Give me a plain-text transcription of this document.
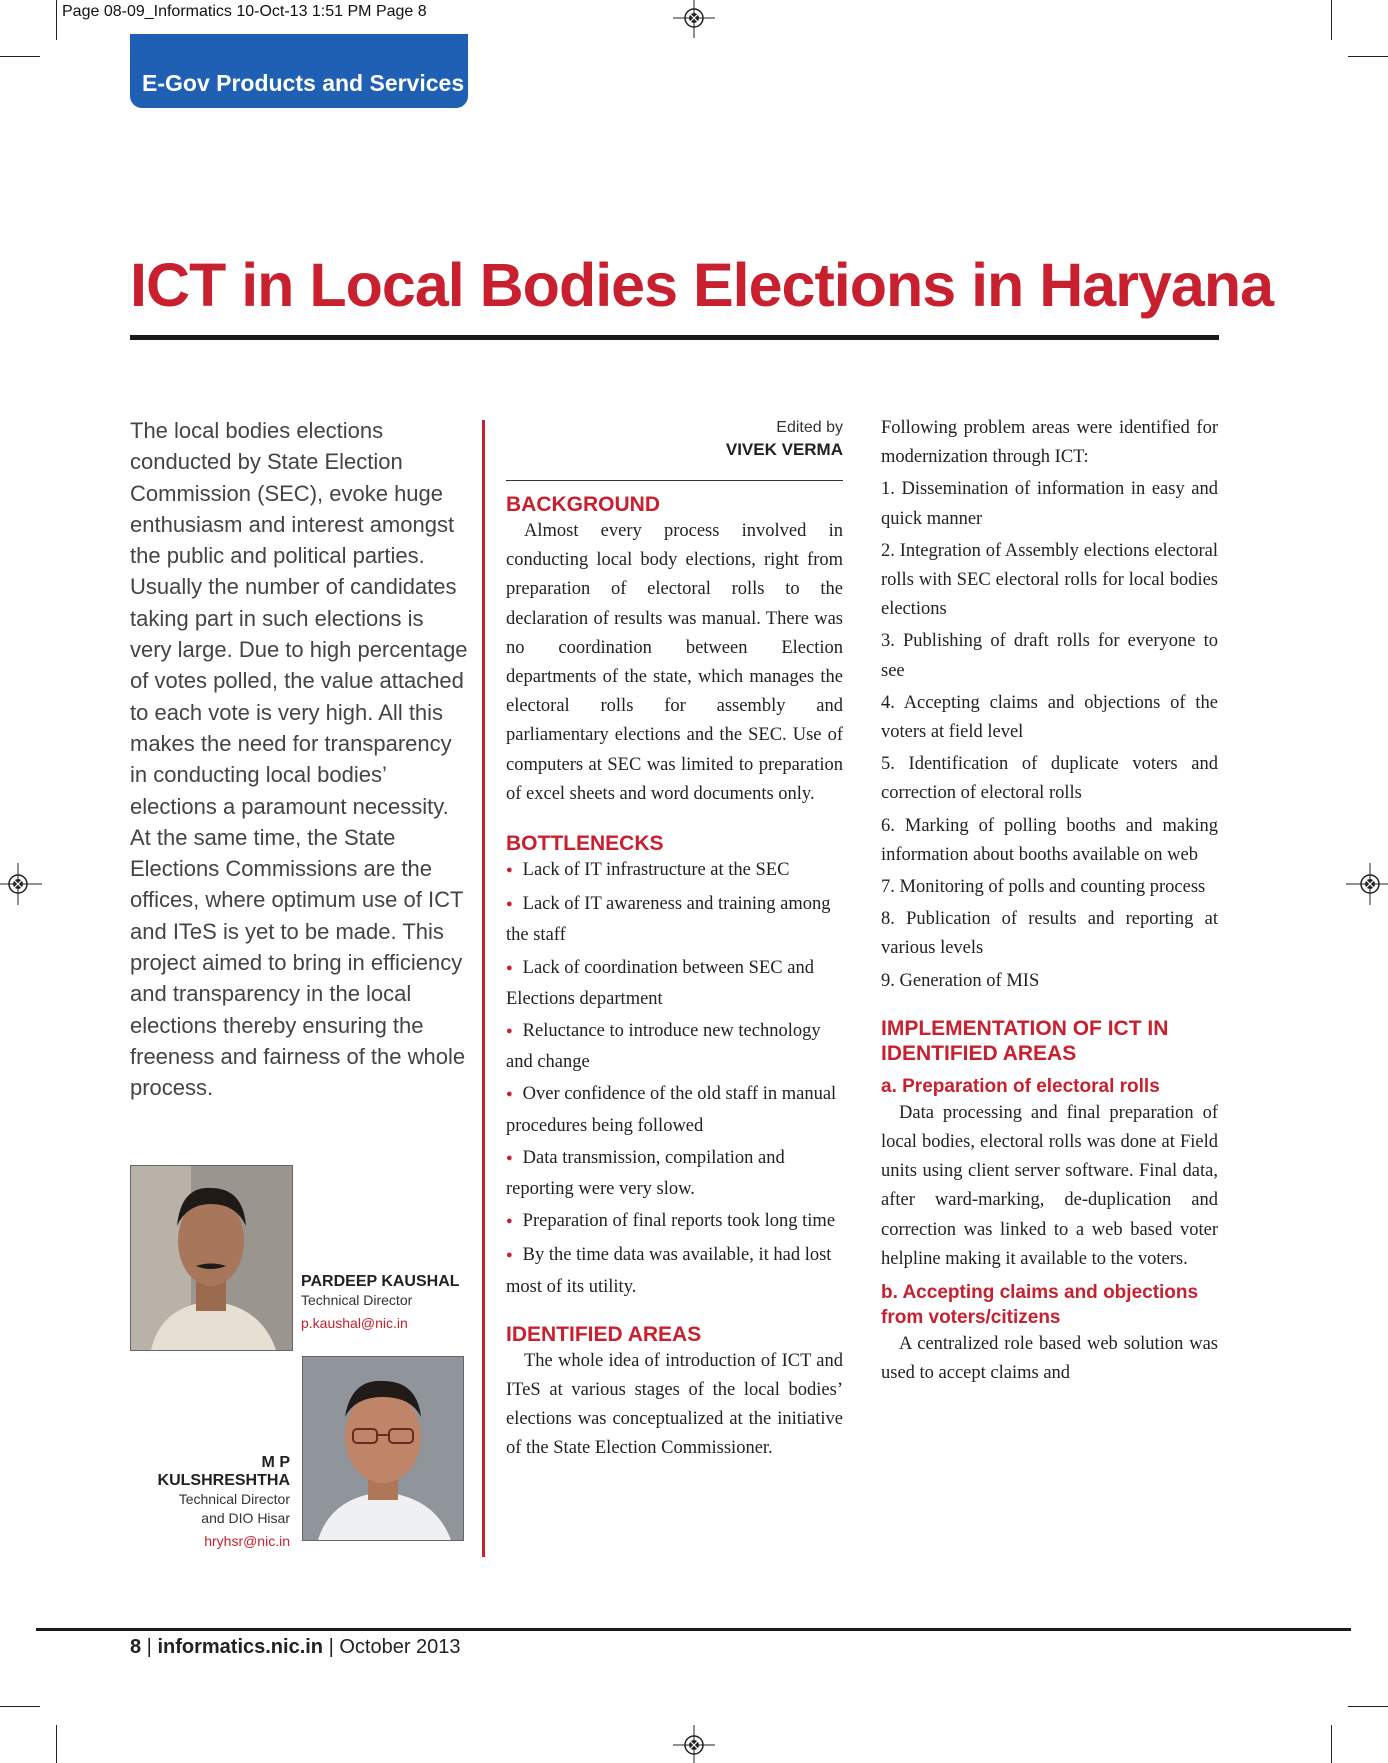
Page 08-09_Informatics 10-Oct-13 1:51 PM Page 8
E-Gov Products and Services
ICT in Local Bodies Elections in Haryana

The local bodies elections conducted by State Election Commission (SEC), evoke huge enthusiasm and interest amongst the public and political parties. Usually the number of candidates taking part in such elections is very large. Due to high percentage of votes polled, the value attached to each vote is very high. All this makes the need for transparency in conducting local bodies’ elections a paramount necessity.

At the same time, the State Elections Commissions are the offices, where optimum use of ICT and ITeS is yet to be made. This project aimed to bring in efficiency and transparency in the local elections thereby ensuring the freeness and fairness of the whole process.

PARDEEP KAUSHAL
Technical Director
p.kaushal@nic.in
M P KULSHRESHTHA
Technical Director
and DIO Hisar
hryhsr@nic.in
Edited by
VIVEK VERMA
BACKGROUND

Almost every process involved in conducting local body elections, right from preparation of electoral rolls to the declaration of results was manual. There was no coordination between Election departments of the state, which manages the electoral rolls for assembly and parliamentary elections and the SEC. Use of computers at SEC was limited to preparation of excel sheets and word documents only.

BOTTLENECKS
● Lack of IT infrastructure at the SEC
● Lack of IT awareness and training among the staff
● Lack of coordination between SEC and Elections department
● Reluctance to introduce new technology and change
● Over confidence of the old staff in manual procedures being followed
● Data transmission, compilation and reporting were very slow.
● Preparation of final reports took long time
● By the time data was available, it had lost most of its utility.
IDENTIFIED AREAS

The whole idea of introduction of ICT and ITeS at various stages of the local bodies’ elections was conceptualized at the initiative of the State Election Commissioner.

Following problem areas were identified for modernization through ICT:

1. Dissemination of information in easy and quick manner
2. Integration of Assembly elections electoral rolls with SEC electoral rolls for local bodies elections
3. Publishing of draft rolls for everyone to see
4. Accepting claims and objections of the voters at field level
5. Identification of duplicate voters and correction of electoral rolls
6. Marking of polling booths and making information about booths available on web
7. Monitoring of polls and counting process
8. Publication of results and reporting at various levels
9. Generation of MIS
IMPLEMENTATION OF ICT IN IDENTIFIED AREAS
a. Preparation of electoral rolls

Data processing and final preparation of local bodies, electoral rolls was done at Field units using client server software. Final data, after ward-marking, de-duplication and correction was linked to a web based voter helpline making it available to the voters.

b. Accepting claims and objections from voters/citizens

A centralized role based web solution was used to accept claims and

8 | informatics.nic.in | October 2013
